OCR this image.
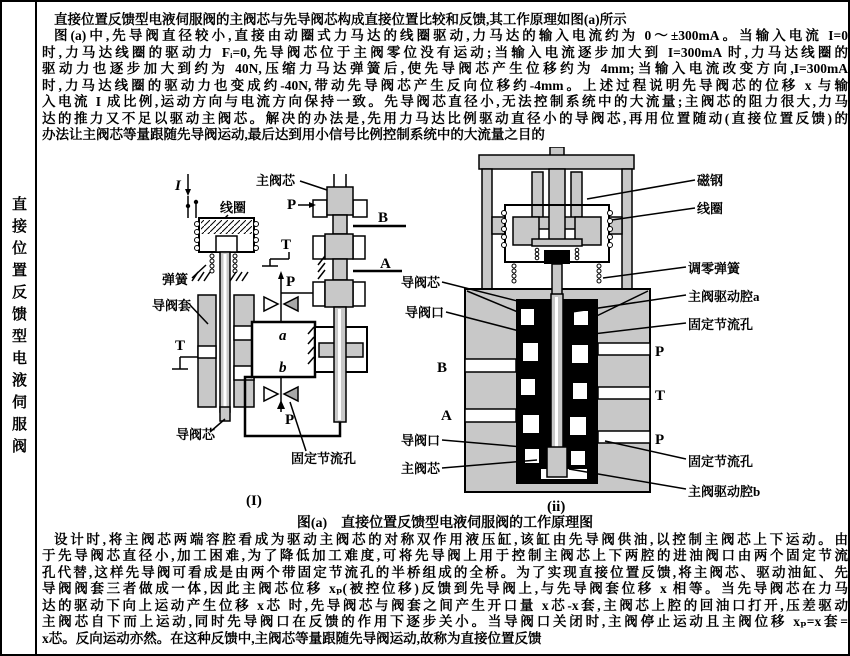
直接位置反馈型电液伺服阀
直接位置反馈型电液伺服阀的主阀芯与先导阀芯构成直接位置比较和反馈,其工作原理如图(a)所示
图(a)中,先导阀直径较小,直接由动圈式力马达的线圈驱动,力马达的输入电流约为 0～±300mA。当输入电流 I=0
时,力马达线圈的驱动力 Fᵢ=0,先导阀芯位于主阀零位没有运动;当输入电流逐步加大到 I=300mA 时,力马达线圈的
驱动力也逐步加大到约为 40N,压缩力马达弹簧后,使先导阀芯产生位移约为 4mm;当输入电流改变方向,I=300mA
时,力马达线圈的驱动力也变成约-40N,带动先导阀芯产生反向位移约-4mm。上述过程说明先导阀芯的位移 x 与输
入电流 I 成比例,运动方向与电流方向保持一致。先导阀芯直径小,无法控制系统中的大流量;主阀芯的阻力很大,力马
达的推力又不足以驱动主阀芯。解决的办法是,先用力马达比例驱动直径小的导阀芯,再用位置随动(直接位置反馈)的
办法让主阀芯等量跟随先导阀运动,最后达到用小信号比例控制系统中的大流量之目的
I
线圈
弹簧
导阀套
T
导阀芯
主阀芯
P
B
T
A
P
a
b
P
固定节流孔
(I)
导阀芯
导阀口
B
A
导阀口
主阀芯
磁钢
线圈
调零弹簧
主阀驱动腔a
固定节流孔
P
T
P
固定节流孔
主阀驱动腔b
(ii)
图(a)　直接位置反馈型电液伺服阀的工作原理图
设计时,将主阀芯两端容腔看成为驱动主阀芯的对称双作用液压缸,该缸由先导阀供油,以控制主阀芯上下运动。由
于先导阀芯直径小,加工困难,为了降低加工难度,可将先导阀上用于控制主阀芯上下两腔的进油阀口由两个固定节流
孔代替,这样先导阀可看成是由两个带固定节流孔的半桥组成的全桥。为了实现直接位置反馈,将主阀芯、驱动油缸、先
导阀阀套三者做成一体,因此主阀芯位移 xₚ(被控位移)反馈到先导阀上,与先导阀套位移 x 相等。当先导阀芯在力马
达的驱动下向上运动产生位移 x芯 时,先导阀芯与阀套之间产生开口量 x芯-x套,主阀芯上腔的回油口打开,压差驱动
主阀芯自下而上运动,同时先导阀口在反馈的作用下逐步关小。当导阀口关闭时,主阀停止运动且主阀位移 xₚ=x套=
x芯。反向运动亦然。在这种反馈中,主阀芯等量跟随先导阀运动,故称为直接位置反馈
